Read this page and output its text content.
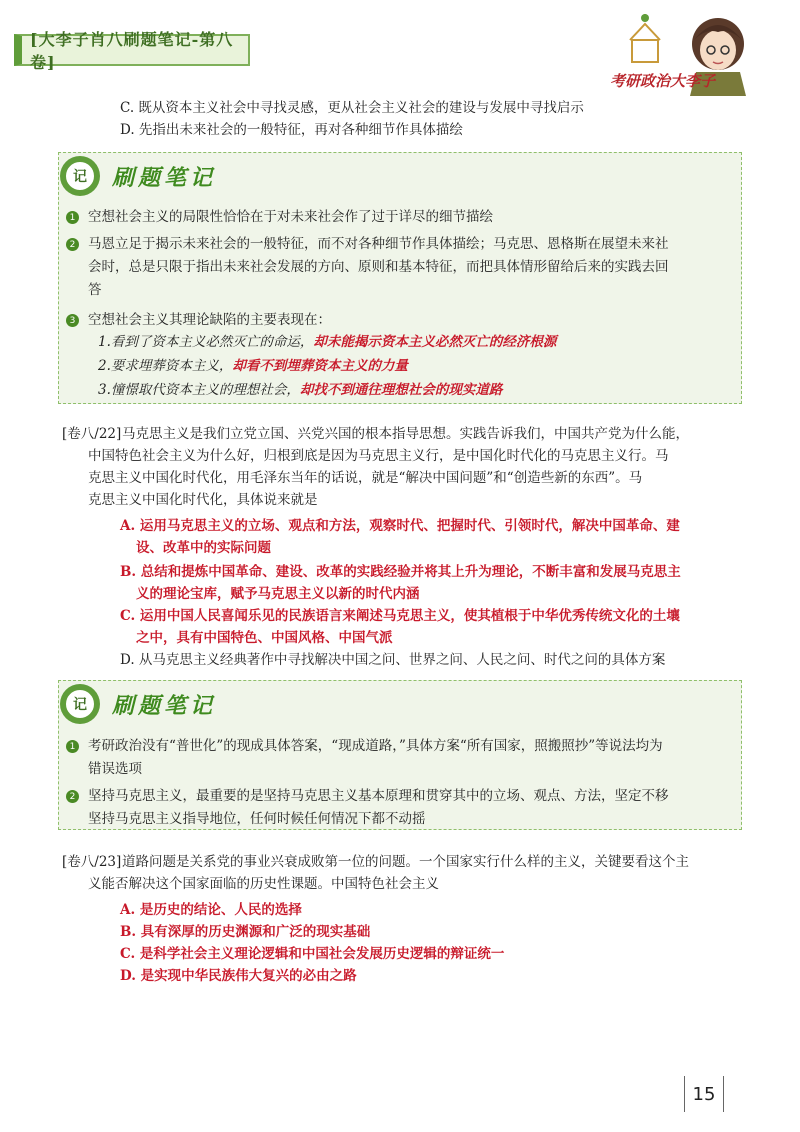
[大李子肖八刷题笔记-第八卷]
考研政治大李子
C. 既从资本主义社会中寻找灵感，更从社会主义社会的建设与发展中寻找启示
D. 先指出未来社会的一般特征，再对各种细节作具体描绘
记	刷题笔记
1 空想社会主义的局限性恰恰在于对未来社会作了过于详尽的细节描绘
2 马恩立足于揭示未来社会的一般特征，而不对各种细节作具体描绘；马克思、恩格斯在展望未来社
会时，总是只限于指出未来社会发展的方向、原则和基本特征，而把具体情形留给后来的实践去回
答
3 空想社会主义其理论缺陷的主要表现在：
1.看到了资本主义必然灭亡的命运，却未能揭示资本主义必然灭亡的经济根源
2.要求埋葬资本主义，却看不到埋葬资本主义的力量
3.憧憬取代资本主义的理想社会，却找不到通往理想社会的现实道路
[卷八/22] 马克思主义是我们立党立国、兴党兴国的根本指导思想。实践告诉我们，中国共产党为什么能，
中国特色社会主义为什么好，归根到底是因为马克思主义行，是中国化时代化的马克思主义行。马
克思主义中国化时代化，用毛泽东当年的话说，就是“解决中国问题”和“创造些新的东西”。马
克思主义中国化时代化，具体说来就是
A. 运用马克思主义的立场、观点和方法，观察时代、把握时代、引领时代，解决中国革命、建
设、改革中的实际问题
B. 总结和提炼中国革命、建设、改革的实践经验并将其上升为理论，不断丰富和发展马克思主
义的理论宝库，赋予马克思主义以新的时代内涵
C. 运用中国人民喜闻乐见的民族语言来阐述马克思主义，使其植根于中华优秀传统文化的土壤
之中，具有中国特色、中国风格、中国气派
D. 从马克思主义经典著作中寻找解决中国之问、世界之问、人民之问、时代之问的具体方案
记	刷题笔记
1 考研政治没有“普世化”的现成具体答案，“现成道路，”具体方案“所有国家，照搬照抄”等说法均为
错误选项
2 坚持马克思主义，最重要的是坚持马克思主义基本原理和贯穿其中的立场、观点、方法，坚定不移
坚持马克思主义指导地位，任何时候任何情况下都不动摇
[卷八/23] 道路问题是关系党的事业兴衰成败第一位的问题。一个国家实行什么样的主义，关键要看这个主
义能否解决这个国家面临的历史性课题。中国特色社会主义
A. 是历史的结论、人民的选择
B. 具有深厚的历史渊源和广泛的现实基础
C. 是科学社会主义理论逻辑和中国社会发展历史逻辑的辩证统一
D. 是实现中华民族伟大复兴的必由之路
15
